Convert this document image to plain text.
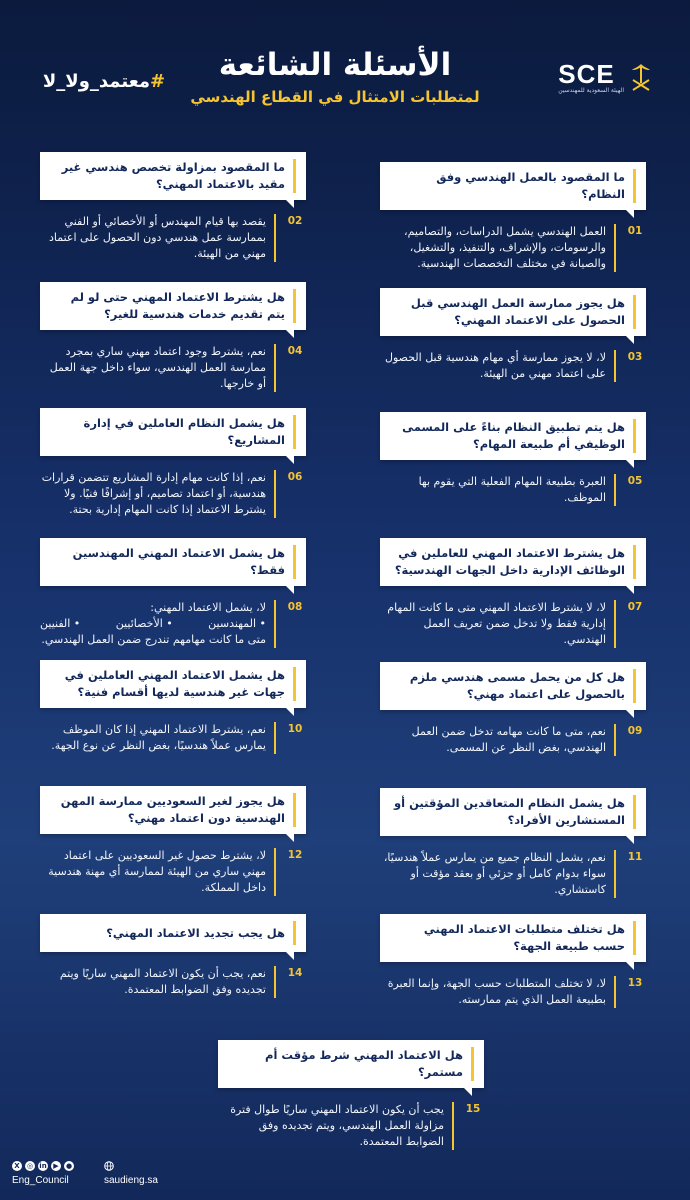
SCE
الهيئة السعودية للمهندسين
الأسئلة الشائعة
لمتطلبات الامتثال في القطاع الهندسي
#
معتمد_ولا_لا
ما المقصود بالعمل الهندسي وفق النظام؟
01
العمل الهندسي يشمل الدراسات، والتصاميم، والرسومات، والإشراف، والتنفيذ، والتشغيل، والصيانة في مختلف التخصصات الهندسية.
هل يجوز ممارسة العمل الهندسي قبل الحصول على الاعتماد المهني؟
03
لا، لا يجوز ممارسة أي مهام هندسية قبل الحصول على اعتماد مهني من الهيئة.
هل يتم تطبيق النظام بناءً على المسمى الوظيفي أم طبيعة المهام؟
05
العبرة بطبيعة المهام الفعلية التي يقوم بها الموظف.
هل يشترط الاعتماد المهني للعاملين في الوظائف الإدارية داخل الجهات الهندسية؟
07
لا، لا يشترط الاعتماد المهني متى ما كانت المهام إدارية فقط ولا تدخل ضمن تعريف العمل الهندسي.
هل كل من يحمل مسمى هندسي ملزم بالحصول على اعتماد مهني؟
09
نعم، متى ما كانت مهامه تدخل ضمن العمل الهندسي، بغض النظر عن المسمى.
هل يشمل النظام المتعاقدين المؤقتين أو المستشارين الأفراد؟
11
نعم، يشمل النظام جميع من يمارس عملاً هندسيًا، سواء بدوام كامل أو جزئي أو بعقد مؤقت أو كاستشاري.
هل تختلف متطلبات الاعتماد المهني حسب طبيعة الجهة؟
13
لا، لا تختلف المتطلبات حسب الجهة، وإنما العبرة بطبيعة العمل الذي يتم ممارسته.
ما المقصود بمزاولة تخصص هندسي غير مقيد بالاعتماد المهني؟
02
يقصد بها قيام المهندس أو الأخصائي أو الفني بممارسة عمل هندسي دون الحصول على اعتماد مهني من الهيئة.
هل يشترط الاعتماد المهني حتى لو لم يتم تقديم خدمات هندسية للغير؟
04
نعم، يشترط وجود اعتماد مهني ساري بمجرد ممارسة العمل الهندسي، سواء داخل جهة العمل أو خارجها.
هل يشمل النظام العاملين في إدارة المشاريع؟
06
نعم، إذا كانت مهام إدارة المشاريع تتضمن قرارات هندسية، أو اعتماد تصاميم، أو إشرافًا فنيًا. ولا يشترط الاعتماد إذا كانت المهام إدارية بحتة.
هل يشمل الاعتماد المهني المهندسين فقط؟
08
لا، يشمل الاعتماد المهني:
• المهندسين
• الأخصائيين
• الفنيين
متى ما كانت مهامهم تندرج ضمن العمل الهندسي.
هل يشمل الاعتماد المهني العاملين في جهات غير هندسية لديها أقسام فنية؟
10
نعم، يشترط الاعتماد المهني إذا كان الموظف يمارس عملاً هندسيًا، بغض النظر عن نوع الجهة.
هل يجوز لغير السعوديين ممارسة المهن الهندسية دون اعتماد مهني؟
12
لا، يشترط حصول غير السعوديين على اعتماد مهني ساري من الهيئة لممارسة أي مهنة هندسية داخل المملكة.
هل يجب تجديد الاعتماد المهني؟
14
نعم، يجب أن يكون الاعتماد المهني ساريًا ويتم تجديده وفق الضوابط المعتمدة.
هل الاعتماد المهني شرط مؤقت أم مستمر؟
15
يجب أن يكون الاعتماد المهني ساريًا طوال فترة مزاولة العمل الهندسي، ويتم تجديده وفق الضوابط المعتمدة.
X	◎ in ▶	●
Eng_Council	saudieng.sa
